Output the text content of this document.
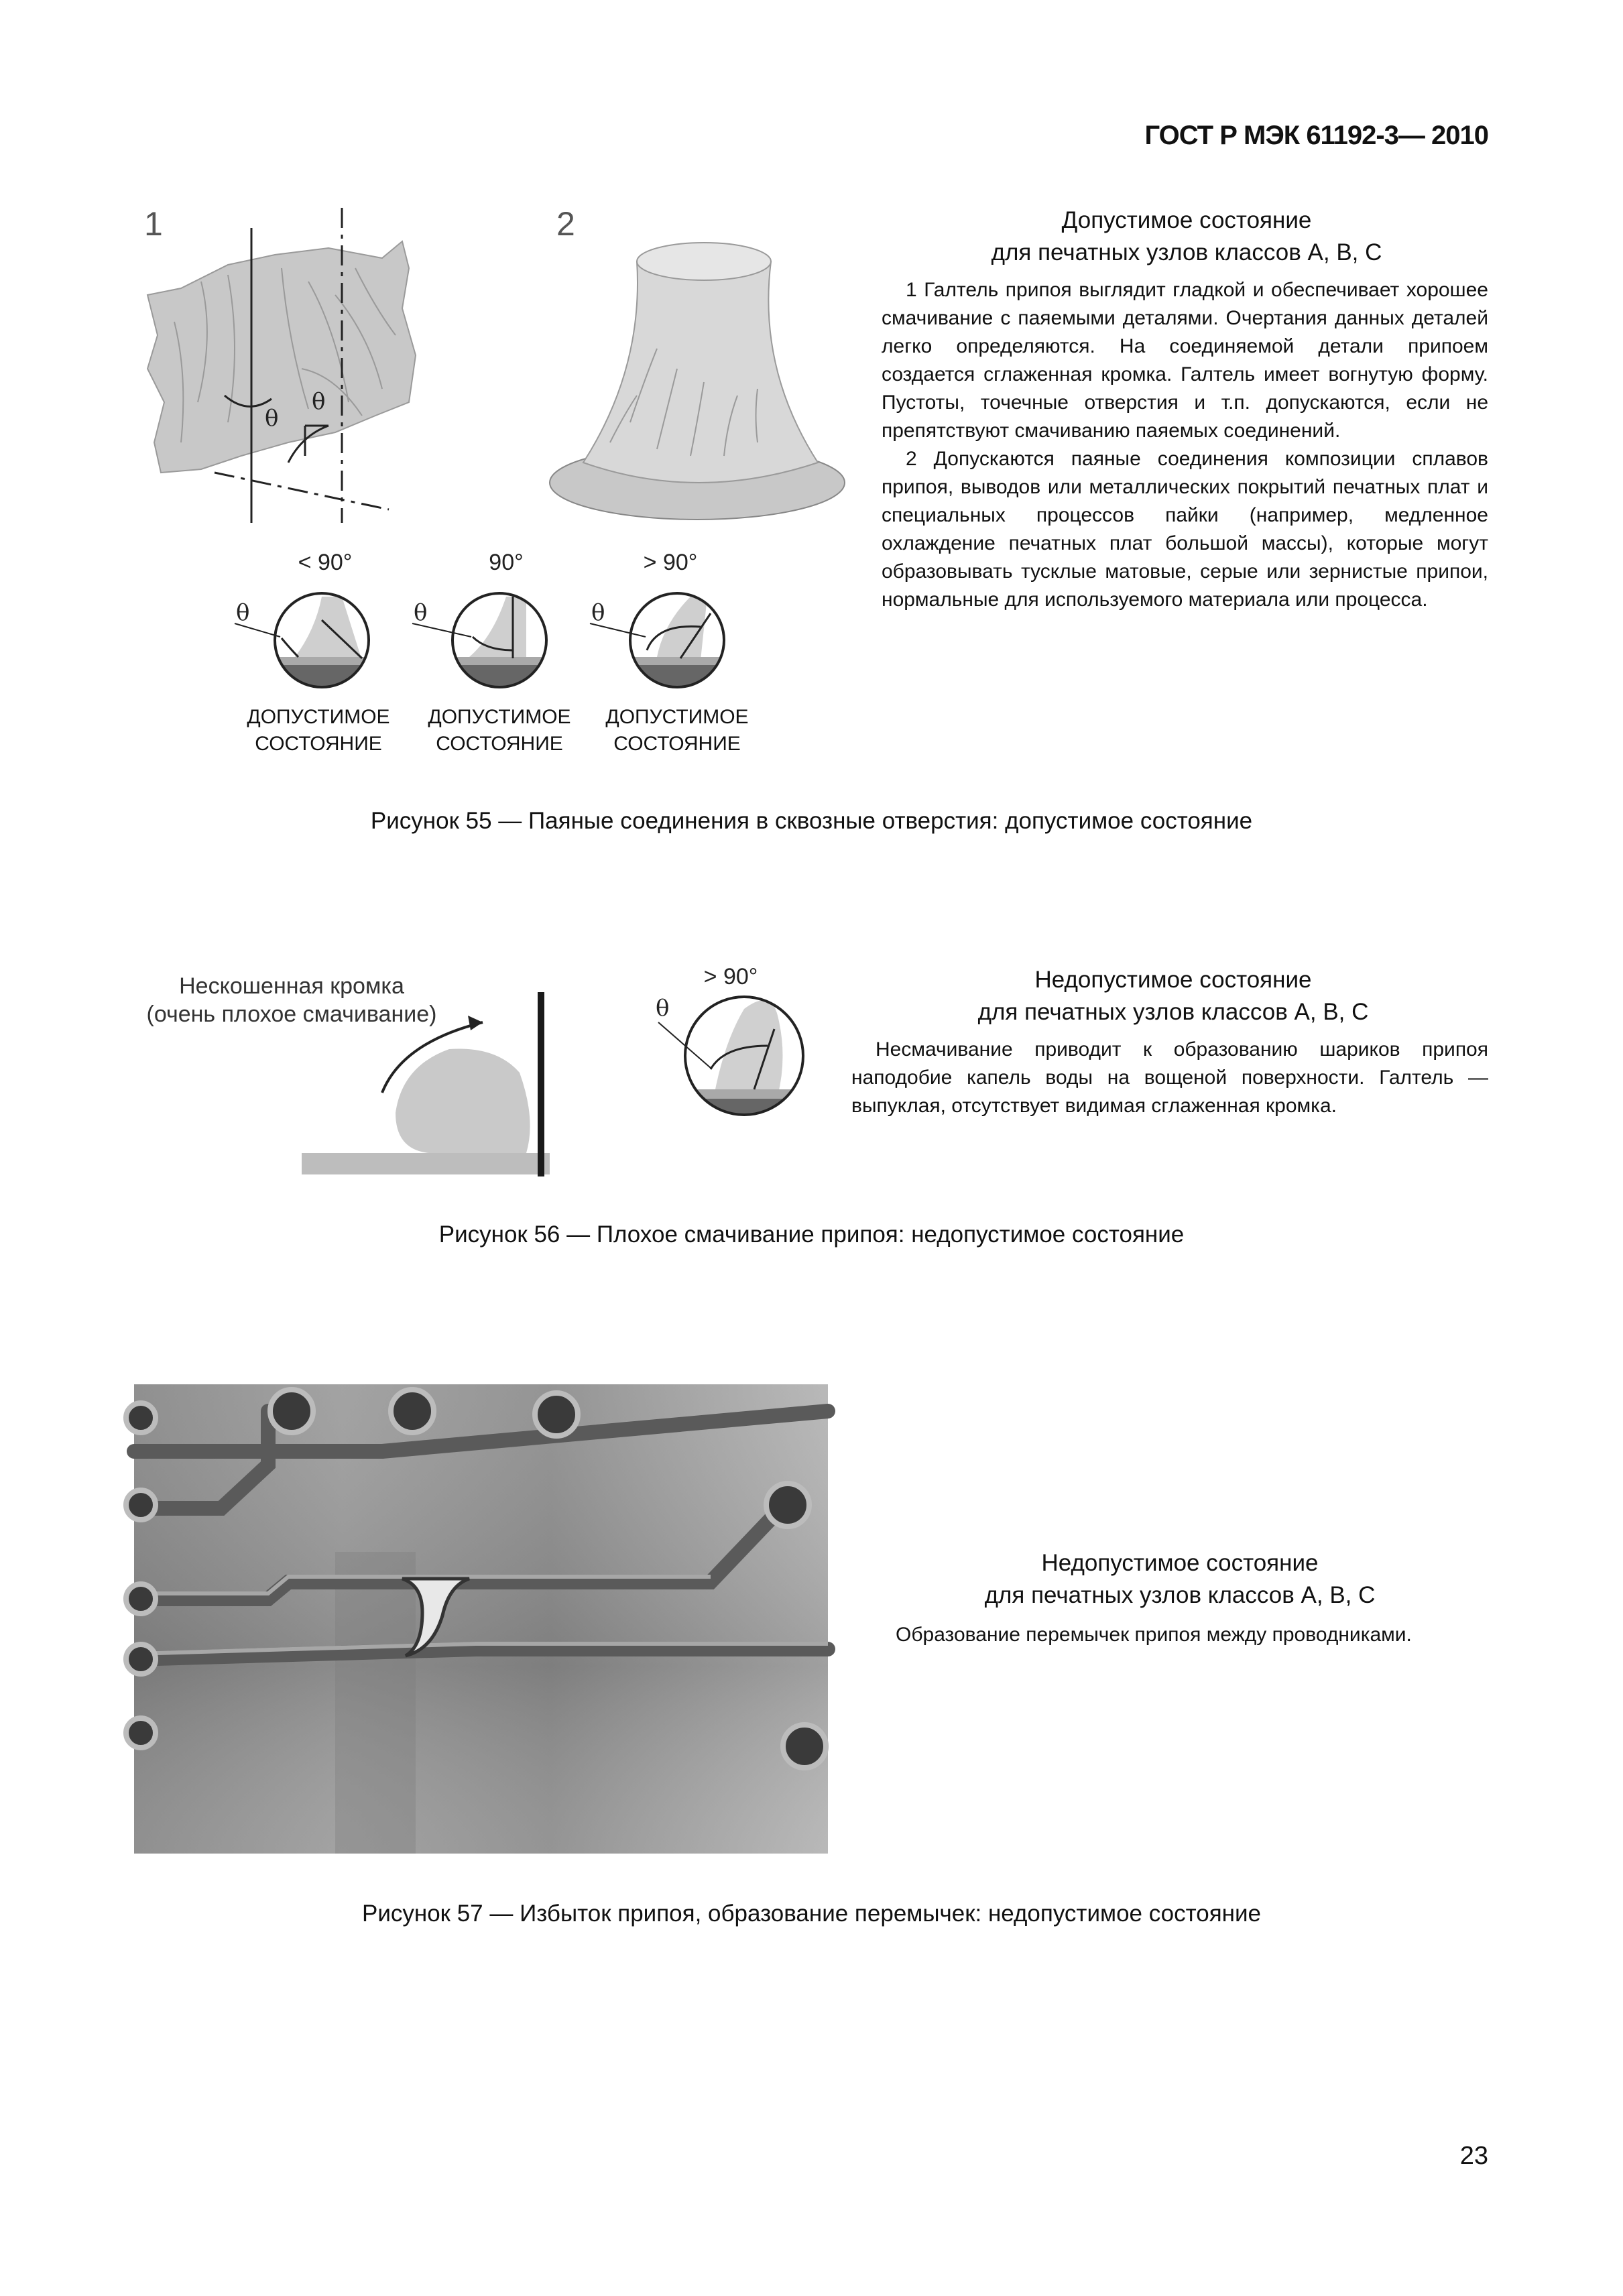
ГОСТ Р МЭК 61192-3— 2010
1	2
θ
θ
< 90°	90°	> 90°
θ	θ	θ
ДОПУСТИМОЕ
СОСТОЯНИЕ
ДОПУСТИМОЕ
СОСТОЯНИЕ
ДОПУСТИМОЕ
СОСТОЯНИЕ
Допустимое состояние
для печатных узлов классов А, В, С

1 Галтель припоя выглядит гладкой и обеспечивает хорошее смачивание с паяемыми деталями. Очертания данных деталей легко определяются. На соединяемой детали припоем создается сглаженная кромка. Галтель имеет вогнутую форму. Пустоты, точечные отверстия и т.п. допускаются, если не препятствуют смачиванию паяемых соединений.

2 Допускаются паяные соединения композиции сплавов припоя, выводов или металлических покрытий печатных плат и специальных процессов пайки (например, медленное охлаждение печатных плат большой массы), которые могут образовывать тусклые матовые, серые или зернистые припои, нормальные для используемого материала или процесса.

Рисунок 55 — Паяные соединения в сквозные отверстия: допустимое состояние
Нескошенная кромка
(очень плохое смачивание)
> 90°
θ
Недопустимое состояние
для печатных узлов классов А, В, С

Несмачивание приводит к образованию шариков припоя наподобие капель воды на вощеной поверхности. Галтель — выпуклая, отсутствует видимая сглаженная кромка.

Рисунок 56 — Плохое смачивание припоя: недопустимое состояние
Недопустимое состояние
для печатных узлов классов А, В, С

Образование перемычек припоя между проводниками.

Рисунок 57 — Избыток припоя, образование перемычек: недопустимое состояние
23
